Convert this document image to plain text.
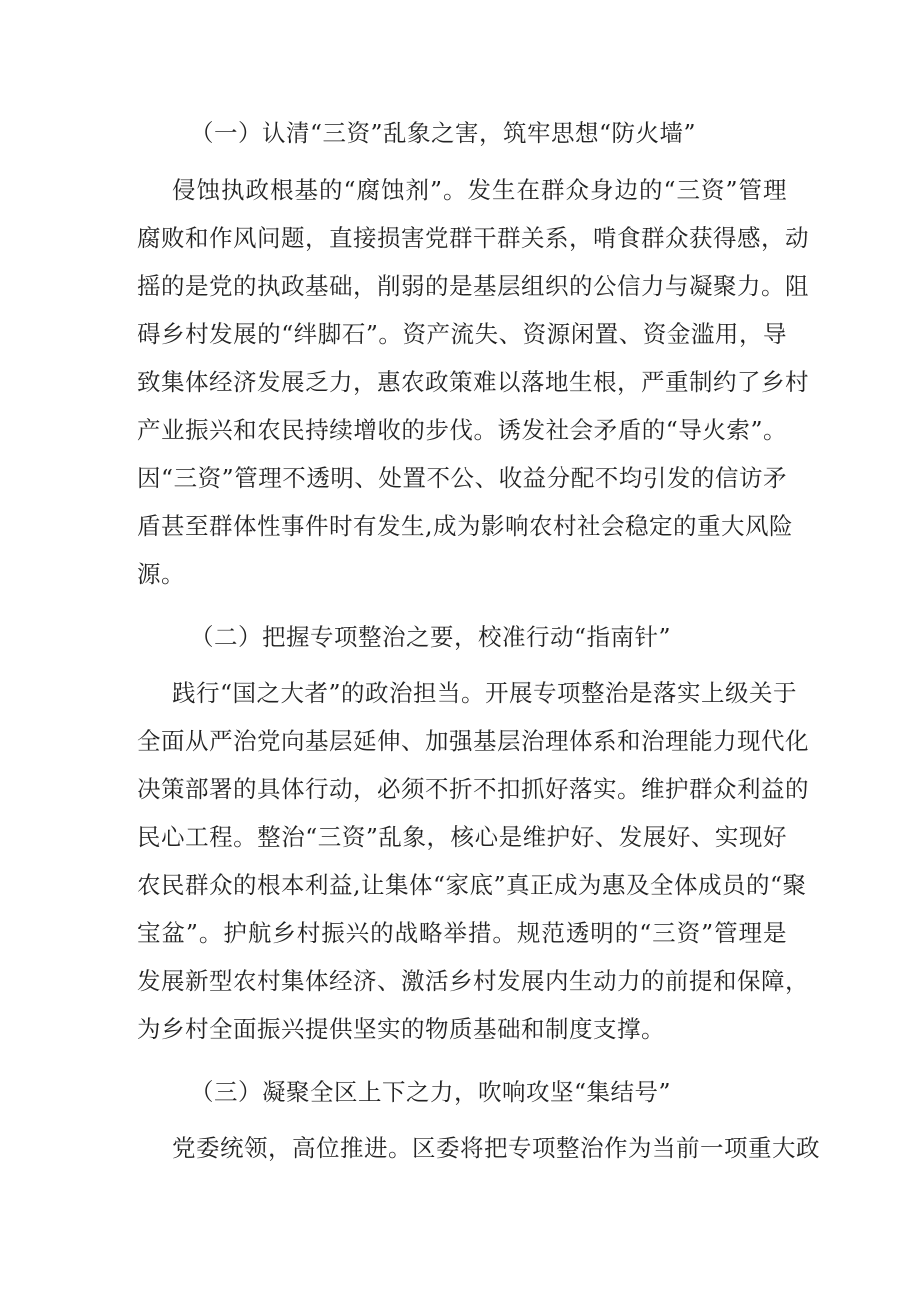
（一）认清“三资”乱象之害，筑牢思想“防火墙”
侵蚀执政根基的“腐蚀剂”。发生在群众身边的“三资”管理
腐败和作风问题，直接损害党群干群关系，啃食群众获得感，动
摇的是党的执政基础，削弱的是基层组织的公信力与凝聚力。阻
碍乡村发展的“绊脚石”。资产流失、资源闲置、资金滥用，导
致集体经济发展乏力，惠农政策难以落地生根，严重制约了乡村
产业振兴和农民持续增收的步伐。诱发社会矛盾的“导火索”。
因“三资”管理不透明、处置不公、收益分配不均引发的信访矛
盾甚至群体性事件时有发生,成为影响农村社会稳定的重大风险
源。
（二）把握专项整治之要，校准行动“指南针”
践行“国之大者”的政治担当。开展专项整治是落实上级关于
全面从严治党向基层延伸、加强基层治理体系和治理能力现代化
决策部署的具体行动，必须不折不扣抓好落实。维护群众利益的
民心工程。整治“三资”乱象，核心是维护好、发展好、实现好
农民群众的根本利益,让集体“家底”真正成为惠及全体成员的“聚
宝盆”。护航乡村振兴的战略举措。规范透明的“三资”管理是
发展新型农村集体经济、激活乡村发展内生动力的前提和保障，
为乡村全面振兴提供坚实的物质基础和制度支撑。
（三）凝聚全区上下之力，吹响攻坚“集结号”
党委统领，高位推进。区委将把专项整治作为当前一项重大政
